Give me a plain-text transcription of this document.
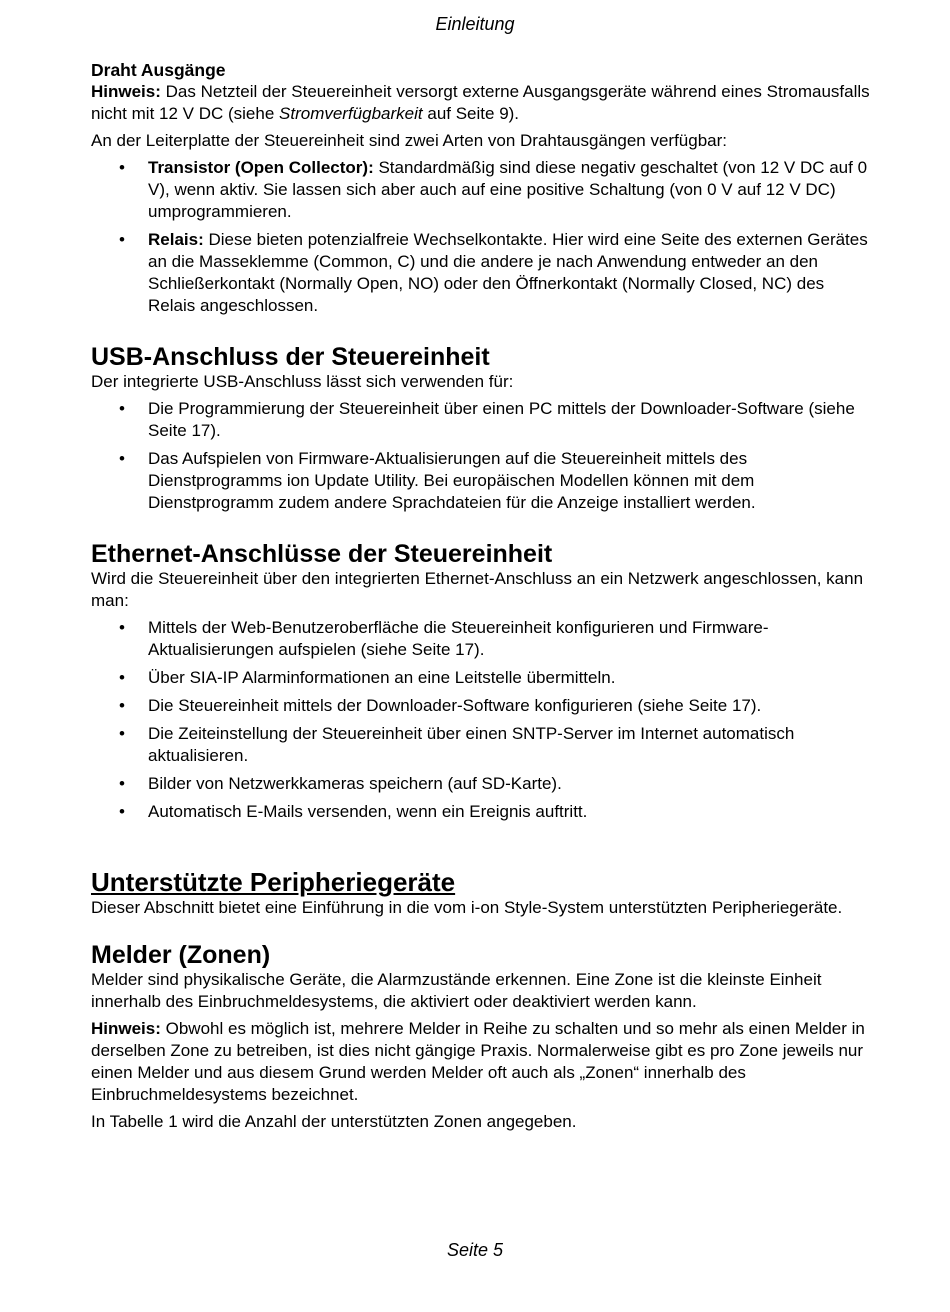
Einleitung
Draht Ausgänge

Hinweis: Das Netzteil der Steuereinheit versorgt externe Ausgangsgeräte während eines Stromausfalls nicht mit 12 V DC (siehe Stromverfügbarkeit auf Seite 9).

An der Leiterplatte der Steuereinheit sind zwei Arten von Drahtausgängen verfügbar:

• Transistor (Open Collector): Standardmäßig sind diese negativ geschaltet (von 12 V DC auf 0 V), wenn aktiv. Sie lassen sich aber auch auf eine positive Schaltung (von 0 V auf 12 V DC) umprogrammieren.
• Relais: Diese bieten potenzialfreie Wechselkontakte. Hier wird eine Seite des externen Gerätes an die Masseklemme (Common, C) und die andere je nach Anwendung entweder an den Schließerkontakt (Normally Open, NO) oder den Öffnerkontakt (Normally Closed, NC) des Relais angeschlossen.
USB-Anschluss der Steuereinheit

Der integrierte USB-Anschluss lässt sich verwenden für:

• Die Programmierung der Steuereinheit über einen PC mittels der Downloader-Software (siehe Seite 17).
• Das Aufspielen von Firmware-Aktualisierungen auf die Steuereinheit mittels des Dienstprogramms ion Update Utility. Bei europäischen Modellen können mit dem Dienstprogramm zudem andere Sprachdateien für die Anzeige installiert werden.
Ethernet-Anschlüsse der Steuereinheit

Wird die Steuereinheit über den integrierten Ethernet-Anschluss an ein Netzwerk angeschlossen, kann man:

• Mittels der Web-Benutzeroberfläche die Steuereinheit konfigurieren und Firmware-Aktualisierungen aufspielen (siehe Seite 17).
• Über SIA-IP Alarminformationen an eine Leitstelle übermitteln.
• Die Steuereinheit mittels der Downloader-Software konfigurieren (siehe Seite 17).
• Die Zeiteinstellung der Steuereinheit über einen SNTP-Server im Internet automatisch aktualisieren.
• Bilder von Netzwerkkameras speichern (auf SD-Karte).
• Automatisch E-Mails versenden, wenn ein Ereignis auftritt.
Unterstützte Peripheriegeräte

Dieser Abschnitt bietet eine Einführung in die vom i-on Style-System unterstützten Peripheriegeräte.

Melder (Zonen)

Melder sind physikalische Geräte, die Alarmzustände erkennen. Eine Zone ist die kleinste Einheit innerhalb des Einbruchmeldesystems, die aktiviert oder deaktiviert werden kann.

Hinweis: Obwohl es möglich ist, mehrere Melder in Reihe zu schalten und so mehr als einen Melder in derselben Zone zu betreiben, ist dies nicht gängige Praxis. Normalerweise gibt es pro Zone jeweils nur einen Melder und aus diesem Grund werden Melder oft auch als „Zonen“ innerhalb des Einbruchmeldesystems bezeichnet.

In Tabelle 1 wird die Anzahl der unterstützten Zonen angegeben.

Seite 5
